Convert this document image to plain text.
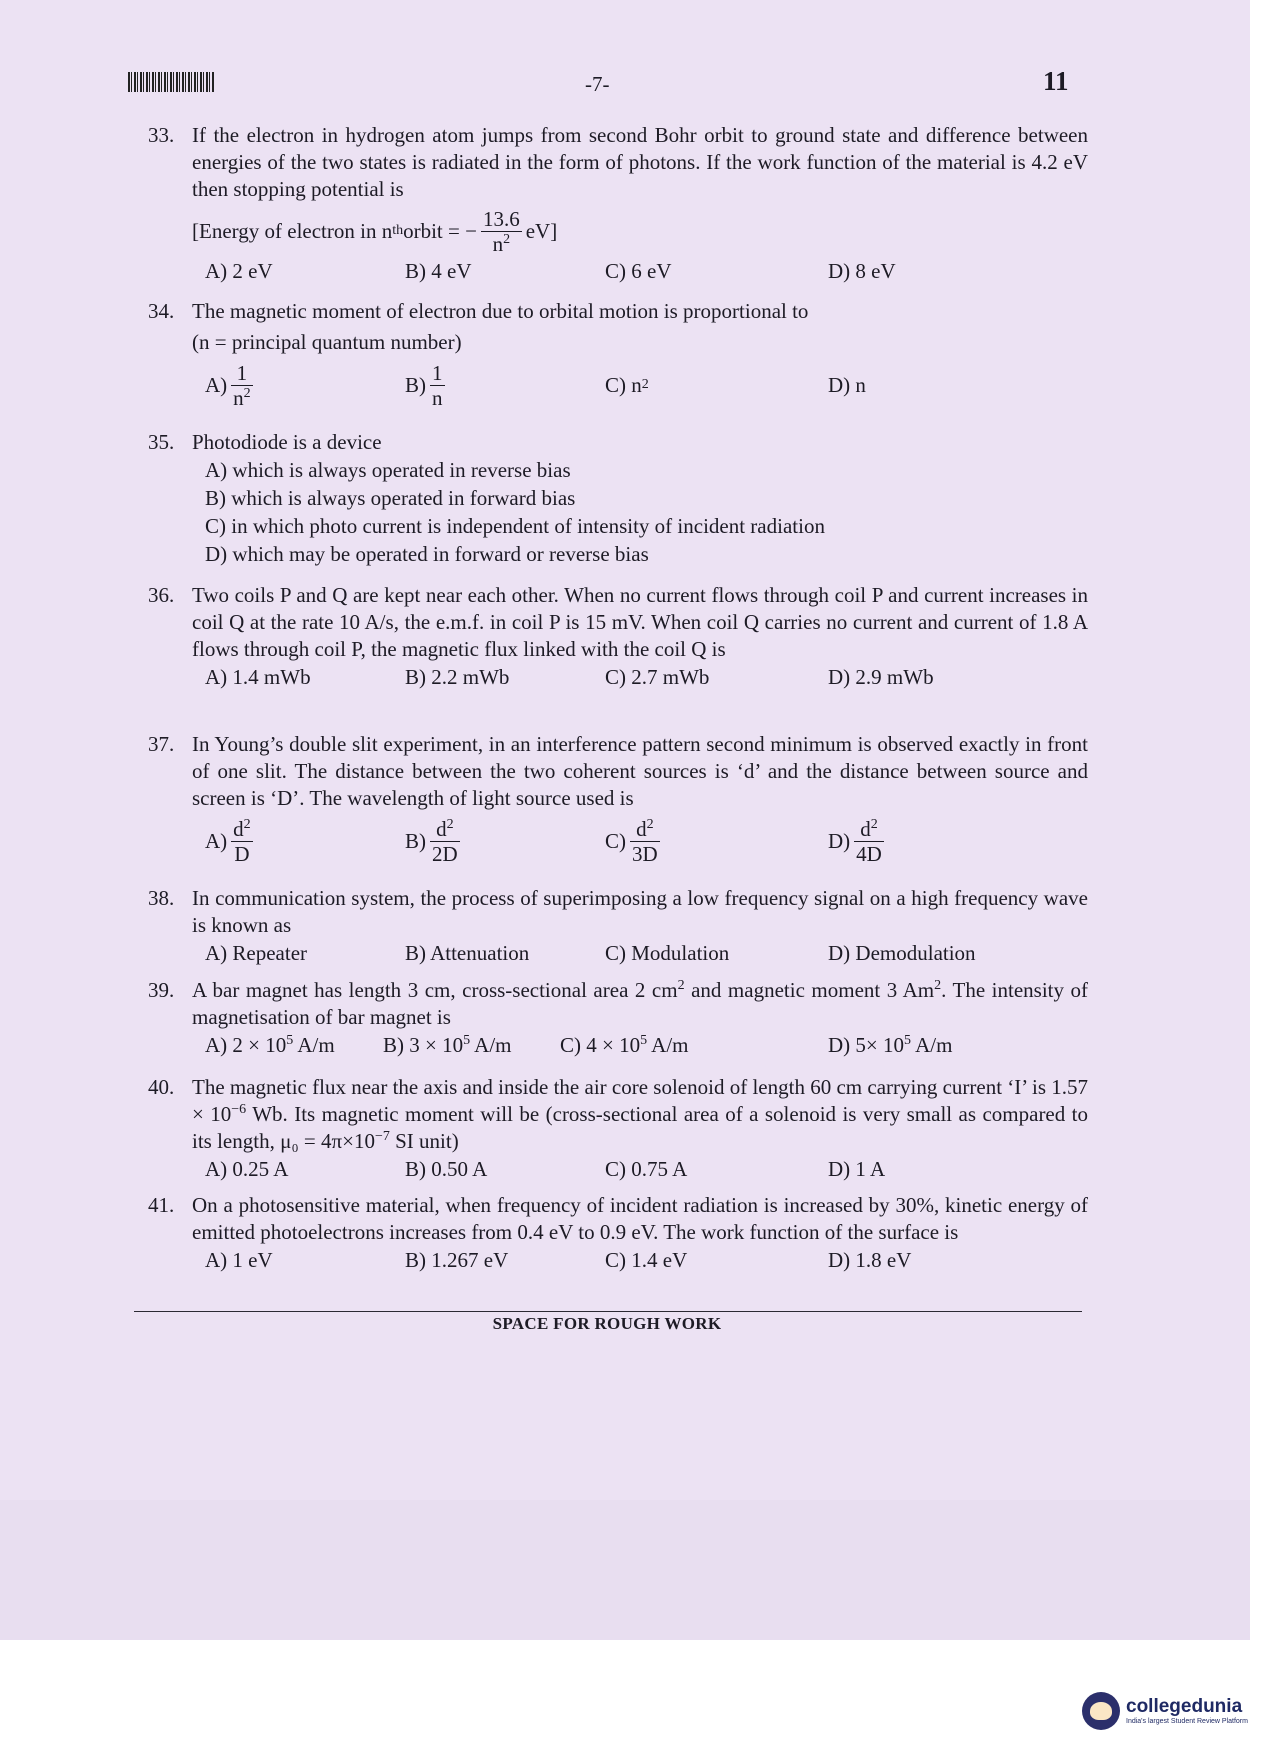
-7-	11
33. If the electron in hydrogen atom jumps from second Bohr orbit to ground state and difference between energies of the two states is radiated in the form of photons. If the work function of the material is 4.2 eV then stopping potential is
[Energy of electron in n th orbit = − $\frac{13.6}{n^2} eV$]
A) 2 eV	B) 4 eV	C) 6 eV	D) 8 eV
34. The magnetic moment of electron due to orbital motion is proportional to
(n = principal quantum number)
$A) \frac{1}{n^2}$	$B) \frac{1}{n}$	C) n 2	D) n
35. Photodiode is a device
A) which is always operated in reverse bias
B) which is always operated in forward bias
C) in which photo current is independent of intensity of incident radiation
D) which may be operated in forward or reverse bias
36. Two coils P and Q are kept near each other. When no current flows through coil P and current increases in coil Q at the rate 10 A/s, the e.m.f. in coil P is 15 mV. When coil Q carries no current and current of 1.8 A flows through coil P, the magnetic flux linked with the coil Q is
A) 1.4 mWb	B) 2.2 mWb	C) 2.7 mWb	D) 2.9 mWb
37. In Young’s double slit experiment, in an interference pattern second minimum is observed exactly in front of one slit. The distance between the two coherent sources is ‘d’ and the distance between source and screen is ‘D’. The wavelength of light source used is
$A) \frac{d^2}{D}$	$B) \frac{d^2}{2D}$	$C) \frac{d^2}{3D}$	$D) \frac{d^2}{4D}$
38. In communication system, the process of superimposing a low frequency signal on a high frequency wave is known as
A) Repeater	B) Attenuation	C) Modulation	D) Demodulation
39. A bar magnet has length 3 cm, cross-sectional area 2 $cm^2$ and magnetic moment 3 Am$^2$. The intensity of magnetisation of bar magnet is
A) $2 \times 10^5$ A/m B) $3 \times 10^5$ A/m C) $4 \times 10^5$ A/m	D) $5\times 10^5$ A/m
40. The magnetic flux near the axis and inside the air core solenoid of length 60 cm carrying current ‘I’ is $1.57 \times 10^{-6}$ Wb. Its magnetic moment will be (cross-sectional area of a solenoid is very small as compared to its length, $\mu_0 = 4\pi\times 10^{-7}$ SI unit)
A) 0.25 A	B) 0.50 A	C) 0.75 A	D) 1 A
41. On a photosensitive material, when frequency of incident radiation is increased by 30%, kinetic energy of emitted photoelectrons increases from 0.4 eV to 0.9 eV. The work function of the surface is
A) 1 eV	B) 1.267 eV	C) 1.4 eV	D) 1.8 eV
SPACE FOR ROUGH WORK
collegedunia
India's largest Student Review Platform
